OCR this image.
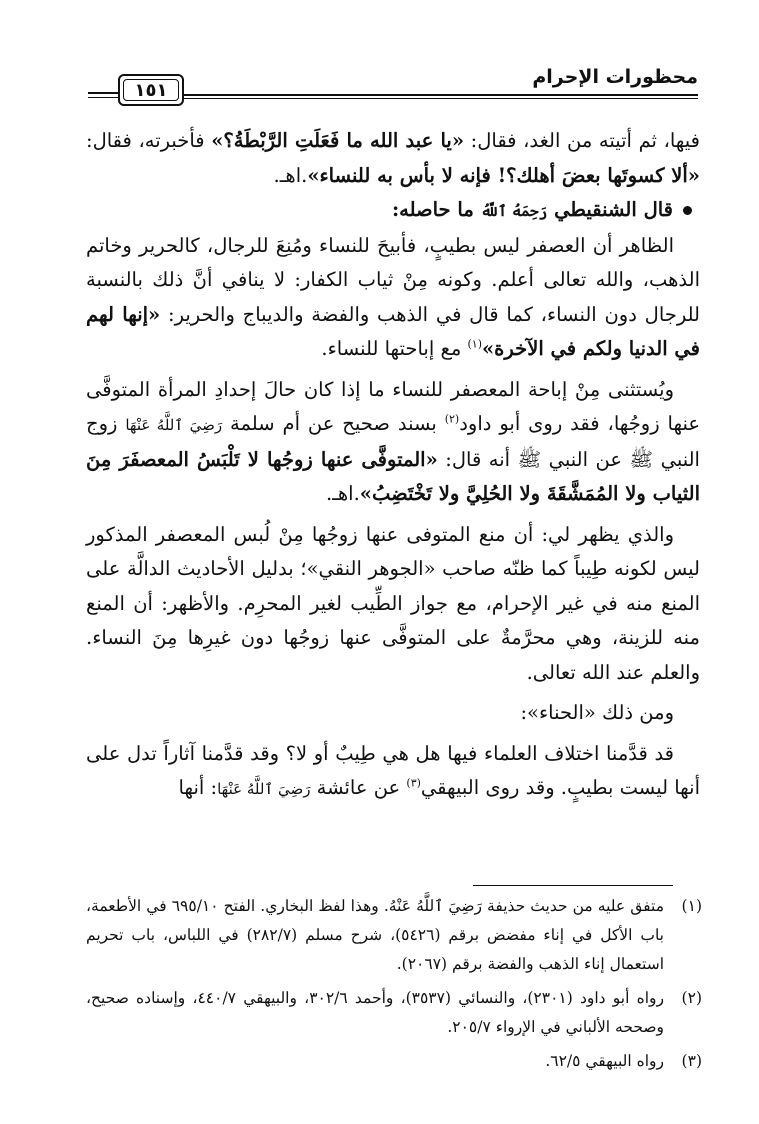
محظورات الإحرام
١٥١

فيها، ثم أتيته من الغد، فقال: «يا عبد الله ما فَعَلَتِ الرَّبْطَةُ؟» فأخبرته، فقال: «ألا كسوتَها بعضَ أهلك؟! فإنه لا بأس به للنساء».اهـ.

قال الشنقيطي رَحِمَهُ ٱللَّهُ ما حاصله:

الظاهر أن العصفر ليس بطيبٍ، فأبيحَ للنساء ومُنِعَ للرجال، كالحرير وخاتم الذهب، والله تعالى أعلم. وكونه مِنْ ثياب الكفار: لا ينافي أنَّ ذلك بالنسبة للرجال دون النساء، كما قال في الذهب والفضة والديباج والحرير: «إنها لهم في الدنيا ولكم في الآخرة»$^{(١)}$ مع إباحتها للنساء.

ويُستثنى مِنْ إباحة المعصفر للنساء ما إذا كان حالَ إحدادِ المرأة المتوفَّى عنها زوجُها، فقد روى أبو داود$^{(٢)}$ بسند صحيح عن أم سلمة رَضِيَ ٱللَّهُ عَنْهَا زوج النبي ﷺ عن النبي ﷺ أنه قال: «المتوفَّى عنها زوجُها لا تَلْبَسُ المعصفَرَ مِنَ الثياب ولا المُمَشَّقَةَ ولا الحُلِيَّ ولا تَخْتَضِبُ».اهـ.

والذي يظهر لي: أن منع المتوفى عنها زوجُها مِنْ لُبس المعصفر المذكور ليس لكونه طِيباً كما ظنّه صاحب «الجوهر النقي»؛ بدليل الأحاديث الدالَّة على المنع منه في غير الإحرام، مع جواز الطِّيب لغير المحرِم. والأظهر: أن المنع منه للزينة، وهي محرَّمةٌ على المتوفَّى عنها زوجُها دون غيرِها مِنَ النساء. والعلم عند الله تعالى.

ومن ذلك «الحناء»:

قد قدَّمنا اختلاف العلماء فيها هل هي طِيبٌ أو لا؟ وقد قدَّمنا آثاراً تدل على أنها ليست بطيبٍ. وقد روى البيهقي$^{(٣)}$ عن عائشة رَضِيَ ٱللَّهُ عَنْهَا: أنها

(١)متفق عليه من حديث حذيفة رَضِيَ ٱللَّهُ عَنْهُ. وهذا لفظ البخاري. الفتح ٦٩٥/١٠ في الأطعمة، باب الأكل في إناء مفضض برقم (٥٤٢٦)، شرح مسلم (٢٨٢/٧) في اللباس، باب تحريم استعمال إناء الذهب والفضة برقم (٢٠٦٧).

(٢)رواه أبو داود (٢٣٠١)، والنسائي (٣٥٣٧)، وأحمد ٣٠٢/٦، والبيهقي ٤٤٠/٧، وإسناده صحيح، وصححه الألباني في الإرواء ٢٠٥/٧.

(٣)رواه البيهقي ٦٢/٥.
